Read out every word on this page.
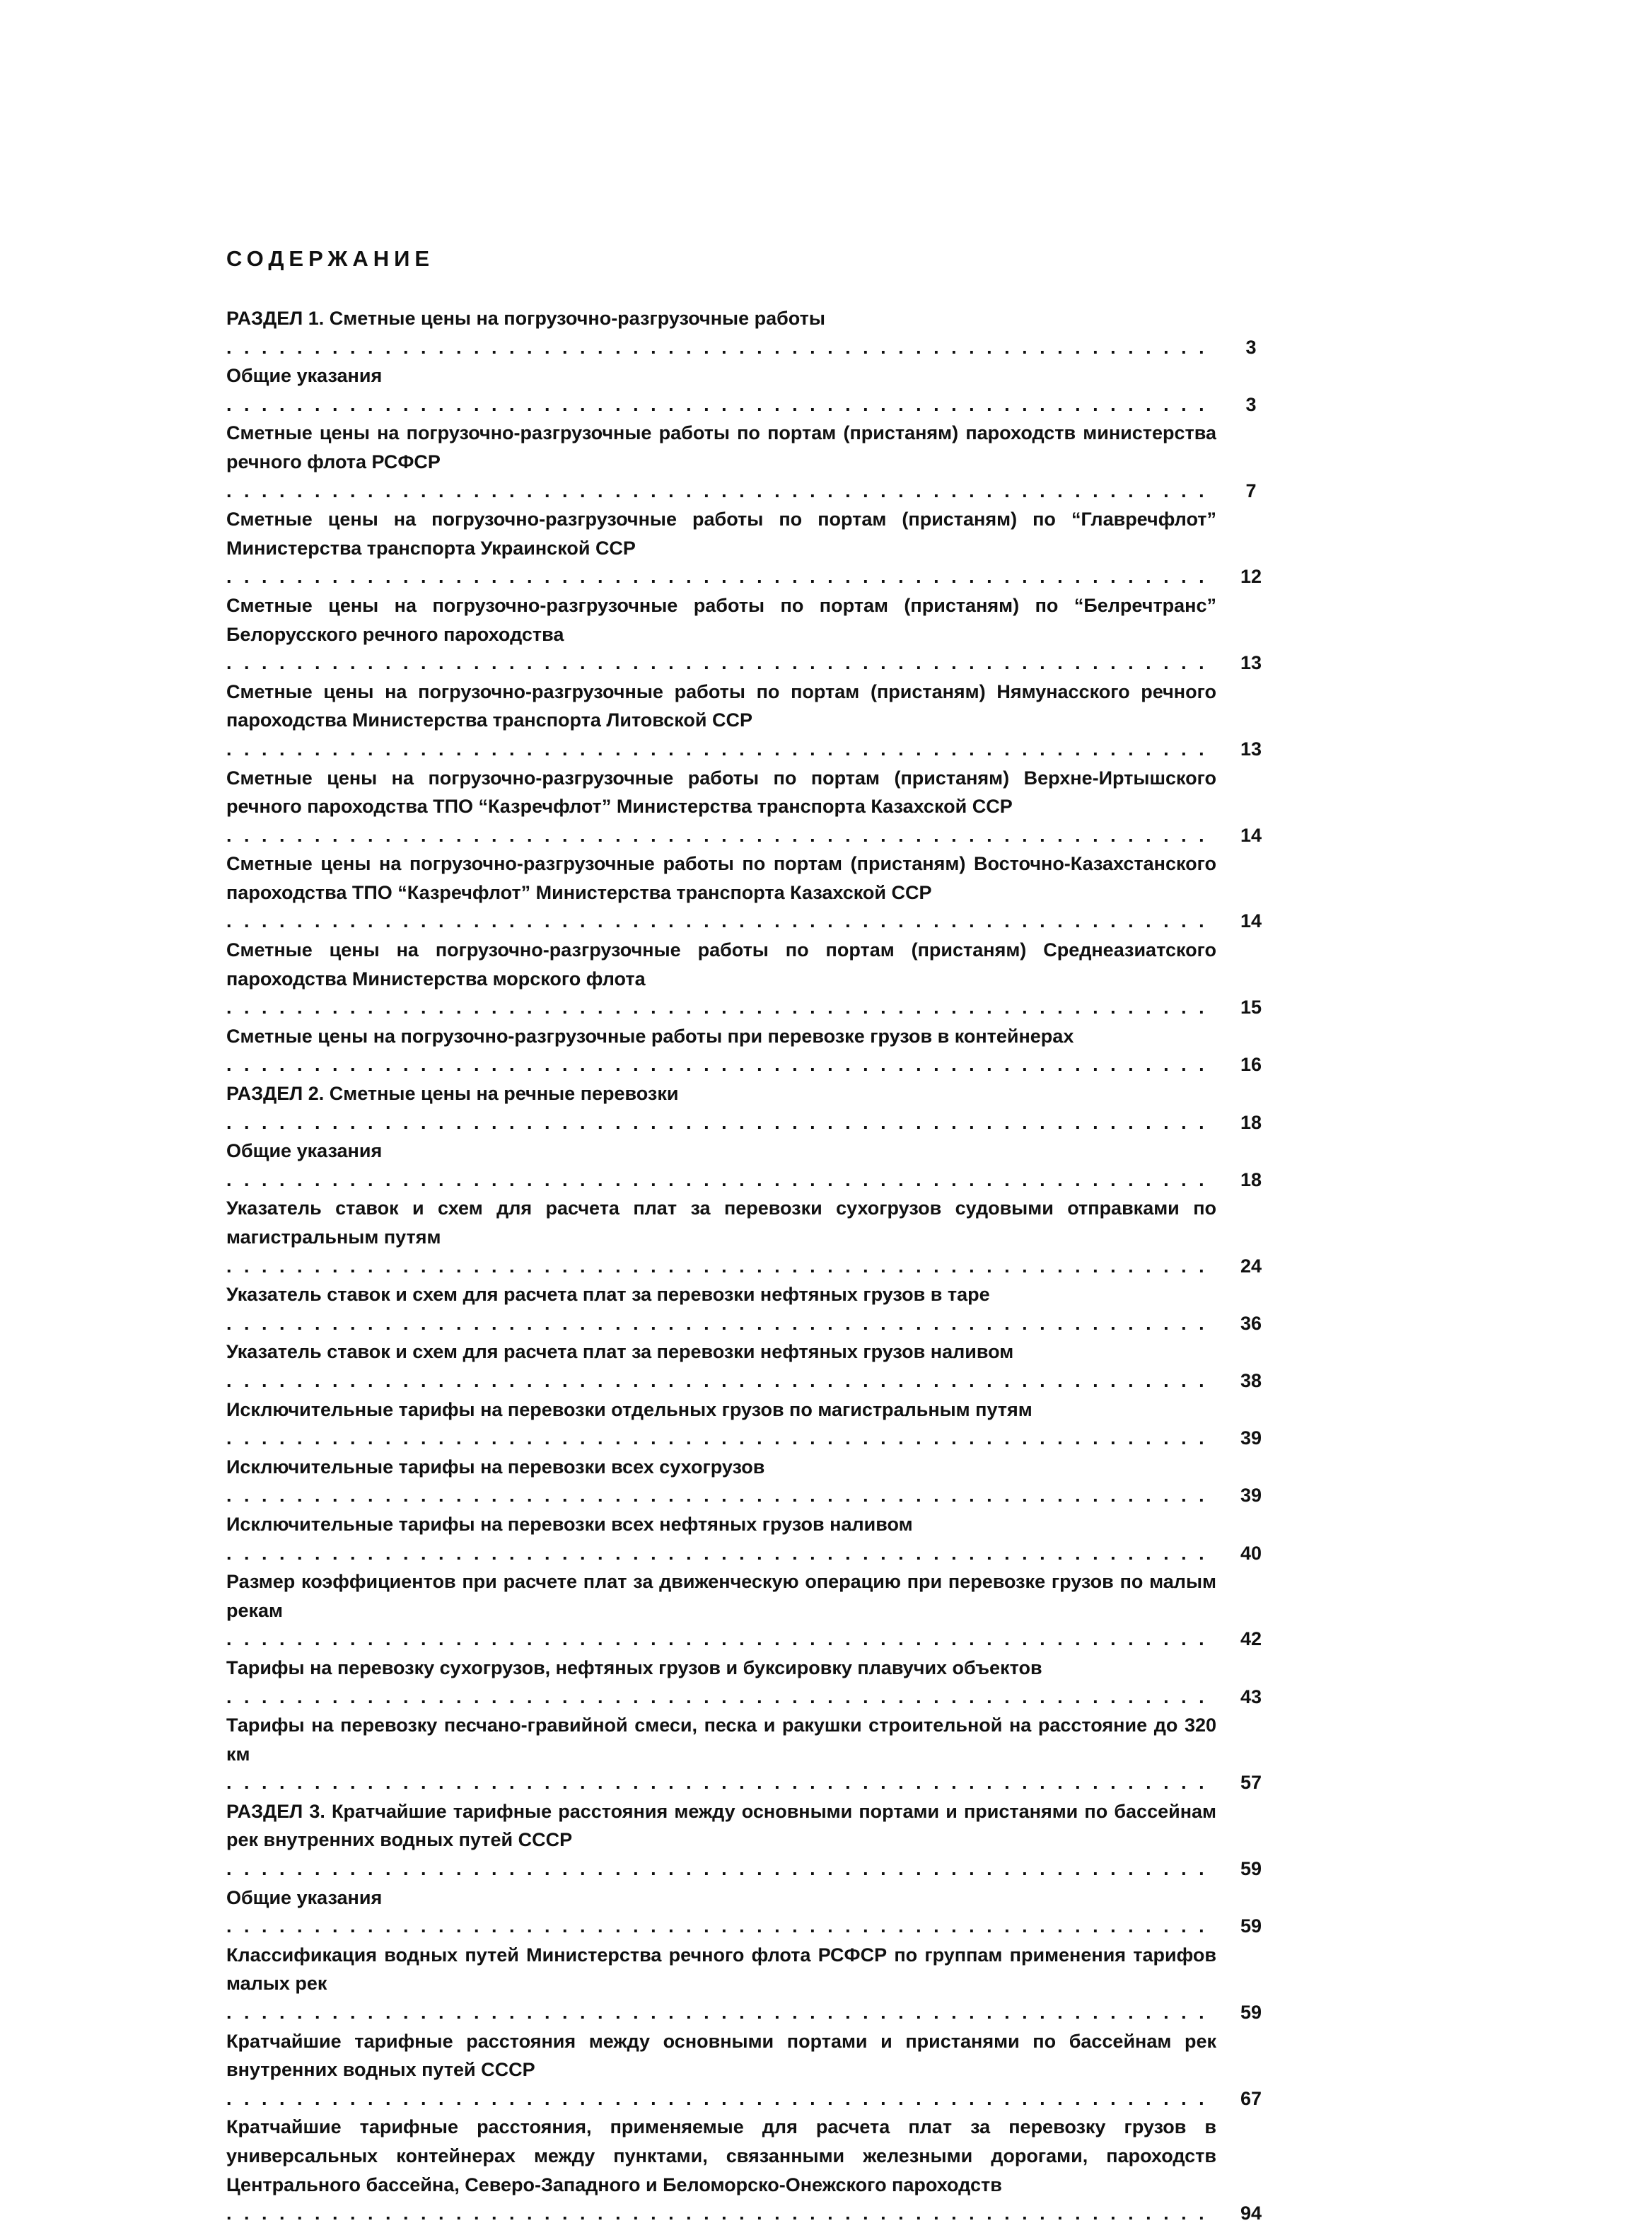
СОДЕРЖАНИЕ
РАЗДЕЛ 1. Сметные цены на погрузочно-разгрузочные работы
. . .
3
Общие указания
. . .
3
Сметные цены на погрузочно-разгрузочные работы по портам (пристаням) пароходств министерства речного флота РСФСР
. . .
7
Сметные цены на погрузочно-разгрузочные работы по портам (пристаням) по “Главречфлот” Министерства транспорта Украинской ССР
. . .
12
Сметные цены на погрузочно-разгрузочные работы по портам (пристаням) по “Белречтранс” Белорусского речного пароходства
. . .
13
Сметные цены на погрузочно-разгрузочные работы по портам (пристаням) Нямунасского речного пароходства Министерства транспорта Литовской ССР
. . .
13
Сметные цены на погрузочно-разгрузочные работы по портам (пристаням) Верхне-Иртышского речного пароходства ТПО “Казречфлот” Министерства транспорта Казахской ССР
. . .
14
Сметные цены на погрузочно-разгрузочные работы по портам (пристаням) Восточно-Казахстанского пароходства ТПО “Казречфлот” Министерства транспорта Казахской ССР
. . .
14
Сметные цены на погрузочно-разгрузочные работы по портам (пристаням) Среднеазиатского пароходства Министерства морского флота
. . .
15
Сметные цены на погрузочно-разгрузочные работы при перевозке грузов в контейнерах
. . .
16
РАЗДЕЛ 2. Сметные цены на речные перевозки
. . .
18
Общие указания
. . .
18
Указатель ставок и схем для расчета плат за перевозки сухогрузов судовыми отправками по магистральным путям
. . .
24
Указатель ставок и схем для расчета плат за перевозки нефтяных грузов в таре
. . .
36
Указатель ставок и схем для расчета плат за перевозки нефтяных грузов наливом
. . .
38
Исключительные тарифы на перевозки отдельных грузов по магистральным путям
. . .
39
Исключительные тарифы на перевозки всех сухогрузов
. . .
39
Исключительные тарифы на перевозки всех нефтяных грузов наливом
. . .
40
Размер коэффициентов при расчете плат за движенческую операцию при перевозке грузов по малым рекам
. . .
42
Тарифы на перевозку сухогрузов, нефтяных грузов и буксировку плавучих объектов
. . .
43
Тарифы на перевозку песчано-гравийной смеси, песка и ракушки строительной на расстояние до 320 км
. . .
57
РАЗДЕЛ 3. Кратчайшие тарифные расстояния между основными портами и пристанями по бассейнам рек внутренних водных путей СССР
. . .
59
Общие указания
. . .
59
Классификация водных путей Министерства речного флота РСФСР по группам применения тарифов малых рек
. . .
59
Кратчайшие тарифные расстояния между основными портами и пристанями по бассейнам рек внутренних водных путей СССР
. . .
67
Кратчайшие тарифные расстояния, применяемые для расчета плат за перевозку грузов в универсальных контейнерах между пунктами, связанными железными дорогами, пароходств Центрального бассейна, Северо-Западного и Беломорско-Онежского пароходств
. . .
94
